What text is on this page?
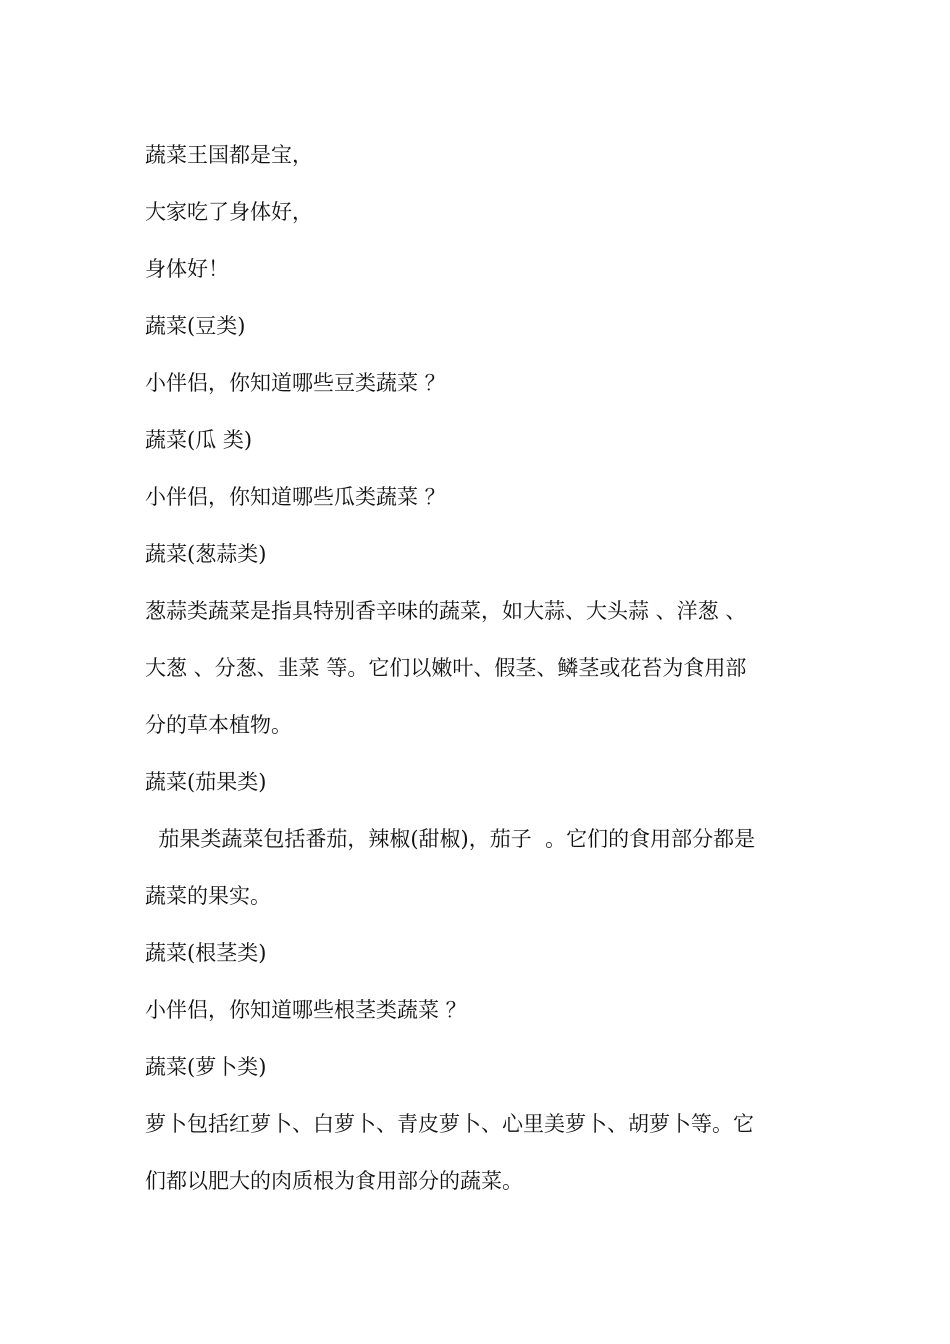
蔬菜王国都是宝，

大家吃了身体好，

身体好！

蔬菜(豆类)

小伴侣，你知道哪些豆类蔬菜 ？

蔬菜(瓜 类)

小伴侣，你知道哪些瓜类蔬菜 ？

蔬菜(葱蒜类)

葱蒜类蔬菜是指具特别香辛味的蔬菜，如大蒜、大头蒜 、洋葱 、

大葱 、分葱、韭菜 等。它们以嫩叶、假茎、鳞茎或花苔为食用部

分的草本植物。

蔬菜(茄果类)

茄果类蔬菜包括番茄，辣椒(甜椒)，茄子  。它们的食用部分都是

蔬菜的果实。

蔬菜(根茎类)

小伴侣，你知道哪些根茎类蔬菜 ？

蔬菜(萝卜类)

萝卜包括红萝卜、白萝卜、青皮萝卜、心里美萝卜、胡萝卜等。它

们都以肥大的肉质根为食用部分的蔬菜。
